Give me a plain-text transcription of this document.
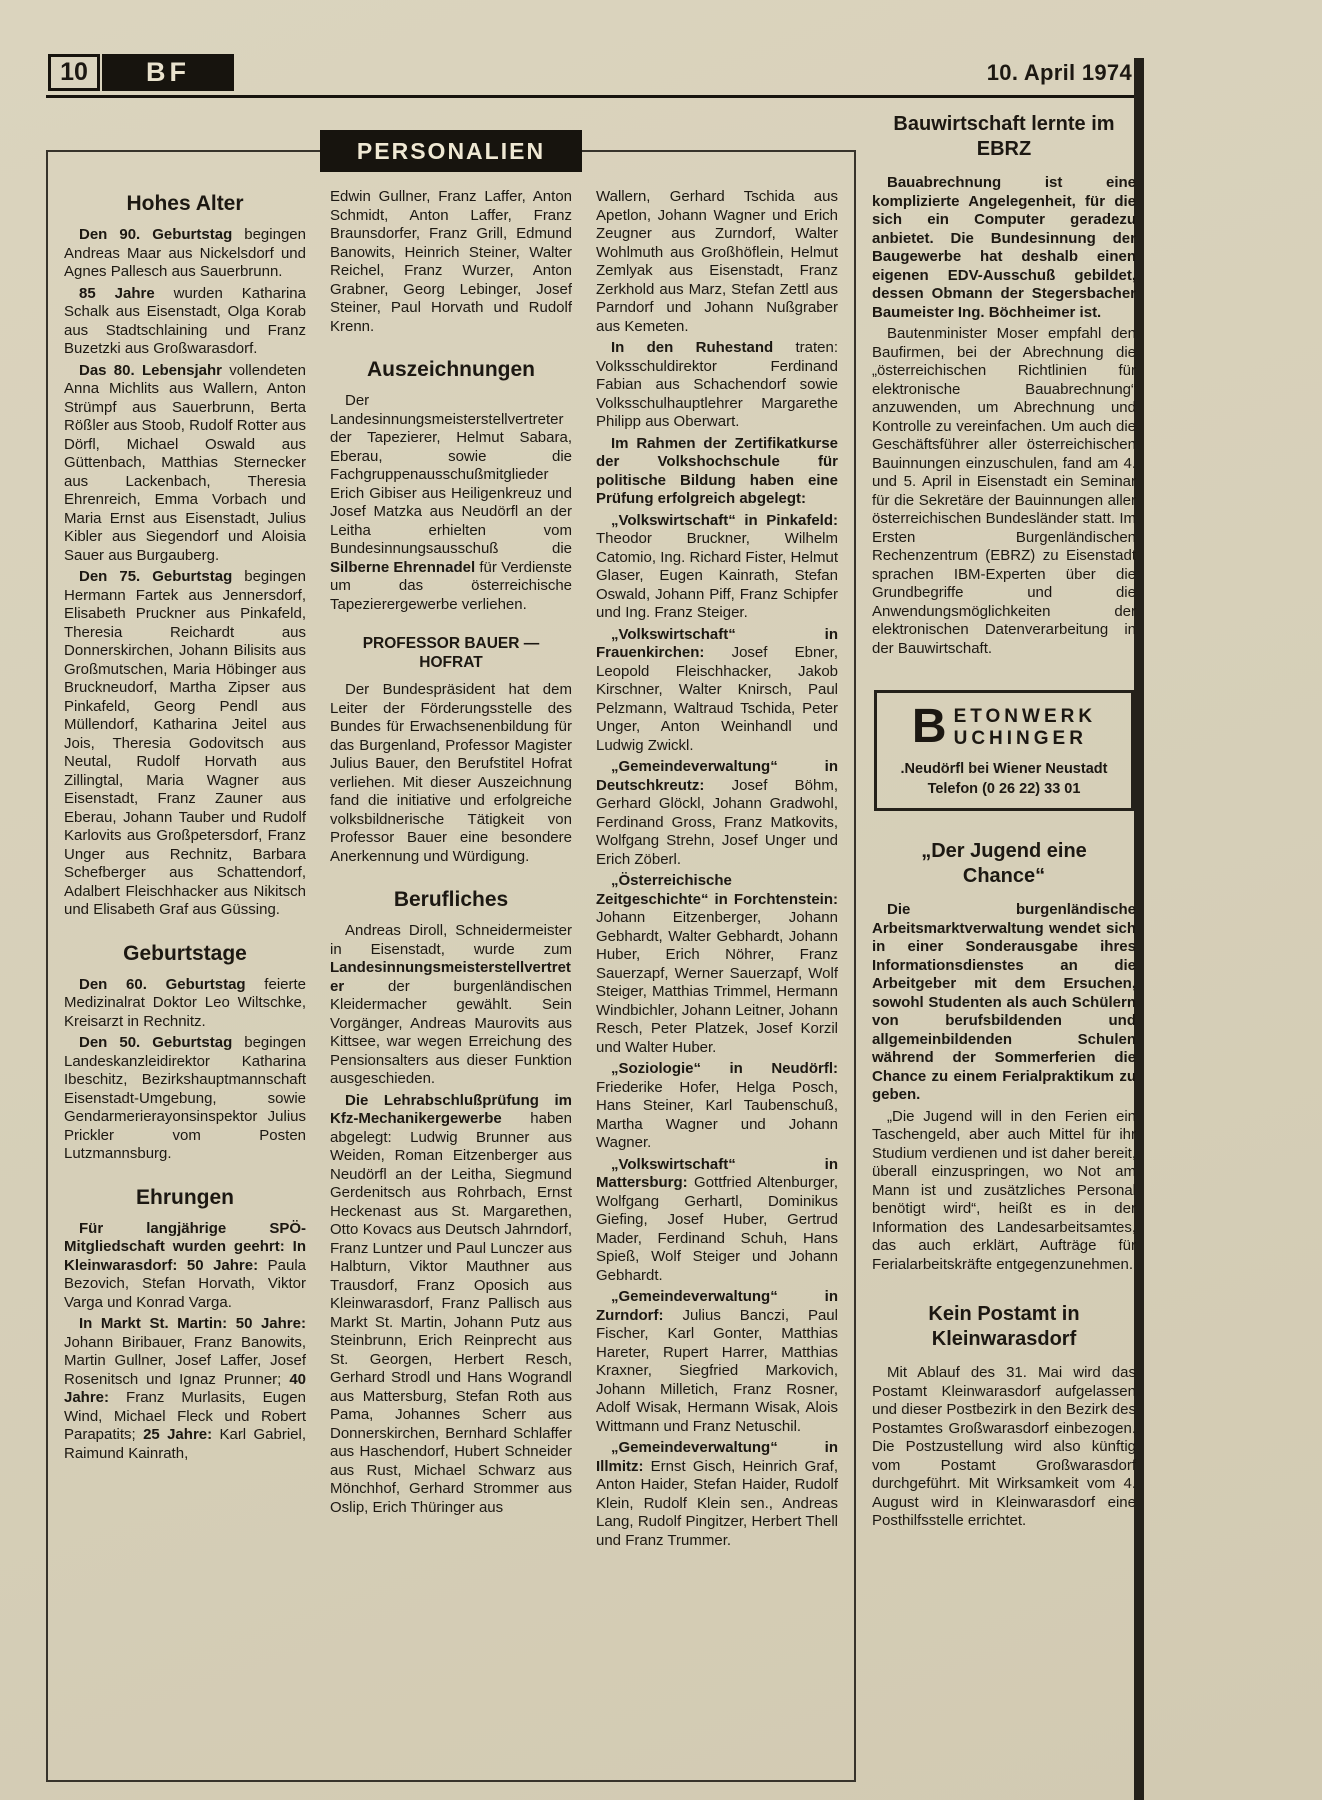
10 BF	10. April 1974
PERSONALIEN
Hohes Alter

Den 90. Geburtstag begingen Andreas Maar aus Nickelsdorf und Agnes Pallesch aus Sauerbrunn.

85 Jahre wurden Katharina Schalk aus Eisenstadt, Olga Korab aus Stadtschlaining und Franz Buzetzki aus Großwarasdorf.

Das 80. Lebensjahr vollendeten Anna Michlits aus Wallern, Anton Strümpf aus Sauerbrunn, Berta Rößler aus Stoob, Rudolf Rotter aus Dörfl, Michael Oswald aus Güttenbach, Matthias Sternecker aus Lackenbach, Theresia Ehrenreich, Emma Vorbach und Maria Ernst aus Eisenstadt, Julius Kibler aus Siegendorf und Aloisia Sauer aus Burgauberg.

Den 75. Geburtstag begingen Hermann Fartek aus Jennersdorf, Elisabeth Pruckner aus Pinkafeld, Theresia Reichardt aus Donnerskirchen, Johann Bilisits aus Großmutschen, Maria Höbinger aus Bruckneudorf, Martha Zipser aus Pinkafeld, Georg Pendl aus Müllendorf, Katharina Jeitel aus Jois, Theresia Godovitsch aus Neutal, Rudolf Horvath aus Zillingtal, Maria Wagner aus Eisenstadt, Franz Zauner aus Eberau, Johann Tauber und Rudolf Karlovits aus Großpetersdorf, Franz Unger aus Rechnitz, Barbara Schefberger aus Schattendorf, Adalbert Fleischhacker aus Nikitsch und Elisabeth Graf aus Güssing.

Geburtstage

Den 60. Geburtstag feierte Medizinalrat Doktor Leo Wiltschke, Kreisarzt in Rechnitz.

Den 50. Geburtstag begingen Landeskanzleidirektor Katharina Ibeschitz, Bezirkshauptmannschaft Eisenstadt-Umgebung, sowie Gendarmerierayonsinspektor Julius Prickler vom Posten Lutzmannsburg.

Ehrungen

Für langjährige SPÖ-Mitgliedschaft wurden geehrt: In Kleinwarasdorf: 50 Jahre: Paula Bezovich, Stefan Horvath, Viktor Varga und Konrad Varga.

In Markt St. Martin: 50 Jahre: Johann Biribauer, Franz Banowits, Martin Gullner, Josef Laffer, Josef Rosenitsch und Ignaz Prunner; 40 Jahre: Franz Murlasits, Eugen Wind, Michael Fleck und Robert Parapatits; 25 Jahre: Karl Gabriel, Raimund Kainrath,

Edwin Gullner, Franz Laffer, Anton Schmidt, Anton Laffer, Franz Braunsdorfer, Franz Grill, Edmund Banowits, Heinrich Steiner, Walter Reichel, Franz Wurzer, Anton Grabner, Georg Lebinger, Josef Steiner, Paul Horvath und Rudolf Krenn.

Auszeichnungen

Der Landesinnungsmeisterstellvertreter der Tapezierer, Helmut Sabara, Eberau, sowie die Fachgruppenausschußmitglieder Erich Gibiser aus Heiligenkreuz und Josef Matzka aus Neudörfl an der Leitha erhielten vom Bundesinnungsausschuß die Silberne Ehrennadel für Verdienste um das österreichische Tapezierergewerbe verliehen.

PROFESSOR BAUER — HOFRAT

Der Bundespräsident hat dem Leiter der Förderungsstelle des Bundes für Erwachsenenbildung für das Burgenland, Professor Magister Julius Bauer, den Berufstitel Hofrat verliehen. Mit dieser Auszeichnung fand die initiative und erfolgreiche volksbildnerische Tätigkeit von Professor Bauer eine besondere Anerkennung und Würdigung.

Berufliches

Andreas Diroll, Schneidermeister in Eisenstadt, wurde zum Landesinnungsmeisterstellvertreter der burgenländischen Kleidermacher gewählt. Sein Vorgänger, Andreas Maurovits aus Kittsee, war wegen Erreichung des Pensionsalters aus dieser Funktion ausgeschieden.

Die Lehrabschlußprüfung im Kfz-Mechanikergewerbe haben abgelegt: Ludwig Brunner aus Weiden, Roman Eitzenberger aus Neudörfl an der Leitha, Siegmund Gerdenitsch aus Rohrbach, Ernst Heckenast aus St. Margarethen, Otto Kovacs aus Deutsch Jahrndorf, Franz Luntzer und Paul Lunczer aus Halbturn, Viktor Mauthner aus Trausdorf, Franz Oposich aus Kleinwarasdorf, Franz Pallisch aus Markt St. Martin, Johann Putz aus Steinbrunn, Erich Reinprecht aus St. Georgen, Herbert Resch, Gerhard Strodl und Hans Wograndl aus Mattersburg, Stefan Roth aus Pama, Johannes Scherr aus Donnerskirchen, Bernhard Schlaffer aus Haschendorf, Hubert Schneider aus Rust, Michael Schwarz aus Mönchhof, Gerhard Strommer aus Oslip, Erich Thüringer aus

Wallern, Gerhard Tschida aus Apetlon, Johann Wagner und Erich Zeugner aus Zurndorf, Walter Wohlmuth aus Großhöflein, Helmut Zemlyak aus Eisenstadt, Franz Zerkhold aus Marz, Stefan Zettl aus Parndorf und Johann Nußgraber aus Kemeten.

In den Ruhestand traten: Volksschuldirektor Ferdinand Fabian aus Schachendorf sowie Volksschulhauptlehrer Margarethe Philipp aus Oberwart.

Im Rahmen der Zertifikatkurse der Volkshochschule für politische Bildung haben eine Prüfung erfolgreich abgelegt:

„Volkswirtschaft“ in Pinkafeld: Theodor Bruckner, Wilhelm Catomio, Ing. Richard Fister, Helmut Glaser, Eugen Kainrath, Stefan Oswald, Johann Piff, Franz Schipfer und Ing. Franz Steiger.

„Volkswirtschaft“ in Frauenkirchen: Josef Ebner, Leopold Fleischhacker, Jakob Kirschner, Walter Knirsch, Paul Pelzmann, Waltraud Tschida, Peter Unger, Anton Weinhandl und Ludwig Zwickl.

„Gemeindeverwaltung“ in Deutschkreutz: Josef Böhm, Gerhard Glöckl, Johann Gradwohl, Ferdinand Gross, Franz Matkovits, Wolfgang Strehn, Josef Unger und Erich Zöberl.

„Österreichische Zeitgeschichte“ in Forchtenstein: Johann Eitzenberger, Johann Gebhardt, Walter Gebhardt, Johann Huber, Erich Nöhrer, Franz Sauerzapf, Werner Sauerzapf, Wolf Steiger, Matthias Trimmel, Hermann Windbichler, Johann Leitner, Johann Resch, Peter Platzek, Josef Korzil und Walter Huber.

„Soziologie“ in Neudörfl: Friederike Hofer, Helga Posch, Hans Steiner, Karl Taubenschuß, Martha Wagner und Johann Wagner.

„Volkswirtschaft“ in Mattersburg: Gottfried Altenburger, Wolfgang Gerhartl, Dominikus Giefing, Josef Huber, Gertrud Mader, Ferdinand Schuh, Hans Spieß, Wolf Steiger und Johann Gebhardt.

„Gemeindeverwaltung“ in Zurndorf: Julius Banczi, Paul Fischer, Karl Gonter, Matthias Hareter, Rupert Harrer, Matthias Kraxner, Siegfried Markovich, Johann Milletich, Franz Rosner, Adolf Wisak, Hermann Wisak, Alois Wittmann und Franz Netuschil.

„Gemeindeverwaltung“ in Illmitz: Ernst Gisch, Heinrich Graf, Anton Haider, Stefan Haider, Rudolf Klein, Rudolf Klein sen., Andreas Lang, Rudolf Pingitzer, Herbert Thell und Franz Trummer.

Bauwirtschaft lernte im EBRZ

Bauabrechnung ist eine komplizierte Angelegenheit, für die sich ein Computer geradezu anbietet. Die Bundesinnung der Baugewerbe hat deshalb einen eigenen EDV-Ausschuß gebildet, dessen Obmann der Stegersbacher Baumeister Ing. Böchheimer ist.

Bautenminister Moser empfahl den Baufirmen, bei der Abrechnung die „österreichischen Richtlinien für elektronische Bauabrechnung“ anzuwenden, um Abrechnung und Kontrolle zu vereinfachen. Um auch die Geschäftsführer aller österreichischen Bauinnungen einzuschulen, fand am 4. und 5. April in Eisenstadt ein Seminar für die Sekretäre der Bauinnungen aller österreichischen Bundesländer statt. Im Ersten Burgenländischen Rechenzentrum (EBRZ) zu Eisenstadt sprachen IBM-Experten über die Grundbegriffe und die Anwendungsmöglichkeiten der elektronischen Datenverarbeitung in der Bauwirtschaft.

B ETONWERK
UCHINGER
.Neudörfl bei Wiener Neustadt
Telefon (0 26 22) 33 01
„Der Jugend eine Chance“

Die burgenländische Arbeitsmarktverwaltung wendet sich in einer Sonderausgabe ihres Informationsdienstes an die Arbeitgeber mit dem Ersuchen, sowohl Studenten als auch Schülern von berufsbildenden und allgemeinbildenden Schulen während der Sommerferien die Chance zu einem Ferialpraktikum zu geben.

„Die Jugend will in den Ferien ein Taschengeld, aber auch Mittel für ihr Studium verdienen und ist daher bereit, überall einzuspringen, wo Not am Mann ist und zusätzliches Personal benötigt wird“, heißt es in der Information des Landesarbeitsamtes, das auch erklärt, Aufträge für Ferialarbeitskräfte entgegenzunehmen.

Kein Postamt in Kleinwarasdorf

Mit Ablauf des 31. Mai wird das Postamt Kleinwarasdorf aufgelassen und dieser Postbezirk in den Bezirk des Postamtes Großwarasdorf einbezogen. Die Postzustellung wird also künftig vom Postamt Großwarasdorf durchgeführt. Mit Wirksamkeit vom 4. August wird in Kleinwarasdorf eine Posthilfsstelle errichtet.
